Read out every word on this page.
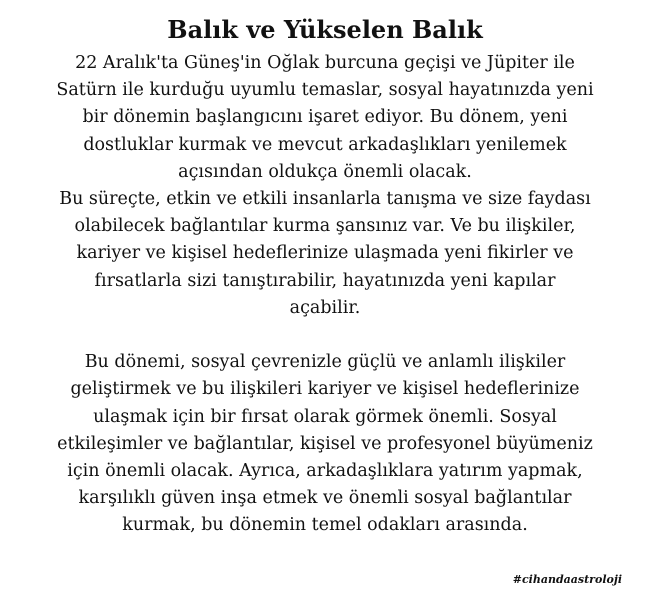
Balık ve Yükselen Balık

22 Aralık'ta Güneş'in Oğlak burcuna geçişi ve Jüpiter ile
Satürn ile kurduğu uyumlu temaslar, sosyal hayatınızda yeni
bir dönemin başlangıcını işaret ediyor. Bu dönem, yeni
dostluklar kurmak ve mevcut arkadaşlıkları yenilemek
açısından oldukça önemli olacak.

Bu süreçte, etkin ve etkili insanlarla tanışma ve size faydası
olabilecek bağlantılar kurma şansınız var. Ve bu ilişkiler,
kariyer ve kişisel hedeflerinize ulaşmada yeni fikirler ve
fırsatlarla sizi tanıştırabilir, hayatınızda yeni kapılar
açabilir.

Bu dönemi, sosyal çevrenizle güçlü ve anlamlı ilişkiler
geliştirmek ve bu ilişkileri kariyer ve kişisel hedeflerinize
ulaşmak için bir fırsat olarak görmek önemli. Sosyal
etkileşimler ve bağlantılar, kişisel ve profesyonel büyümeniz
için önemli olacak. Ayrıca, arkadaşlıklara yatırım yapmak,
karşılıklı güven inşa etmek ve önemli sosyal bağlantılar
kurmak, bu dönemin temel odakları arasında.

#cihandaastroloji
